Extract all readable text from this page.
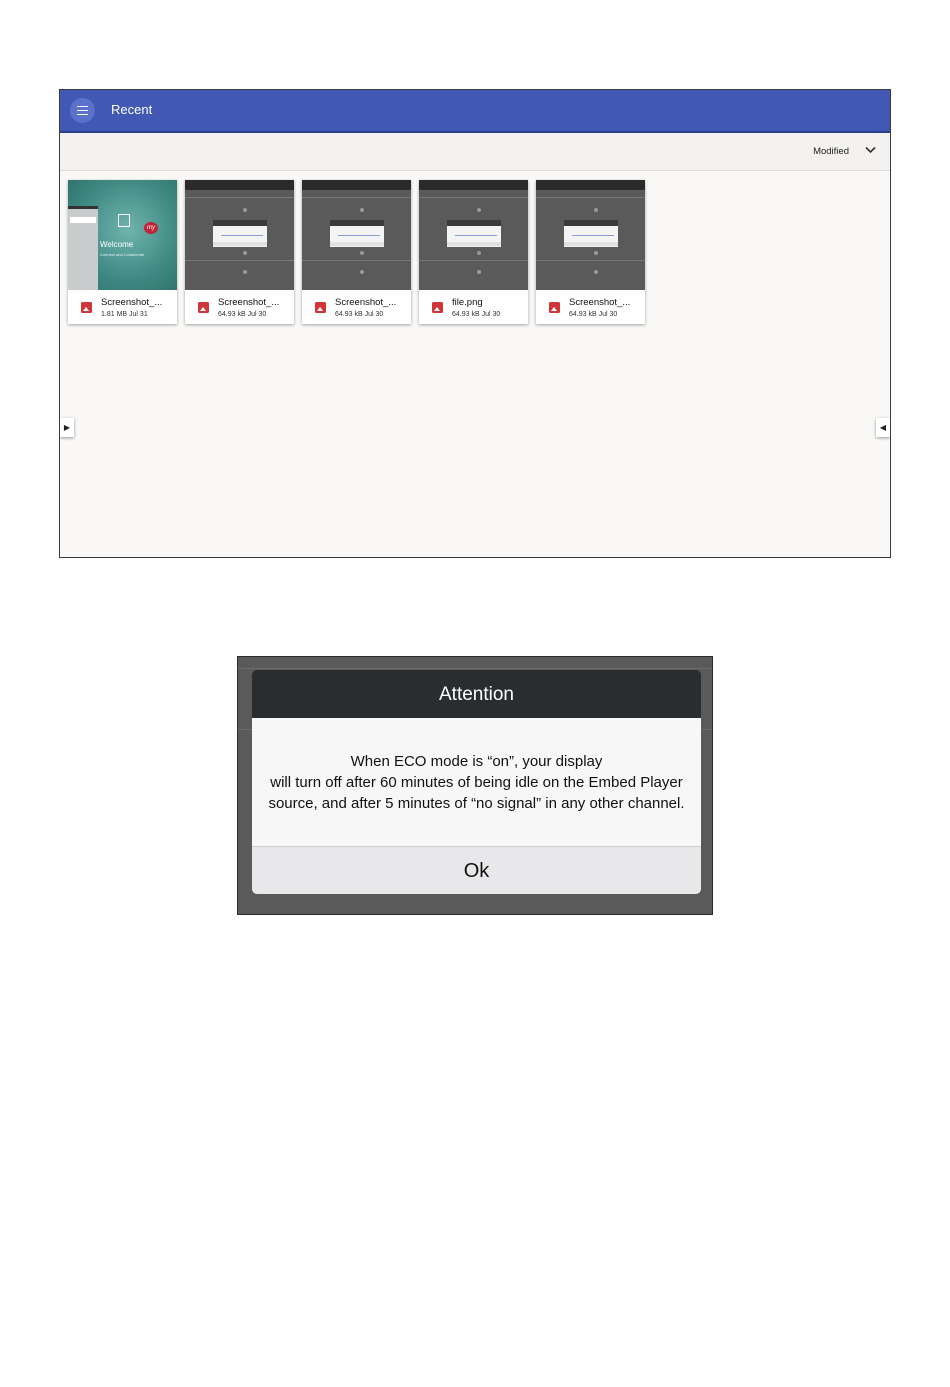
Recent
Modified
my
Welcome
Connect and Collaborate
Screenshot_...
1.81 MB Jul 31
Screenshot_...
64.93 kB Jul 30
Screenshot_...
64.93 kB Jul 30
file.png
64.93 kB Jul 30
Screenshot_...
64.93 kB Jul 30
▶	◀
Attention

When ECO mode is “on”, your display

will turn off after 60 minutes of being idle on the Embed Player

source, and after 5 minutes of “no signal” in any other channel.

Ok
